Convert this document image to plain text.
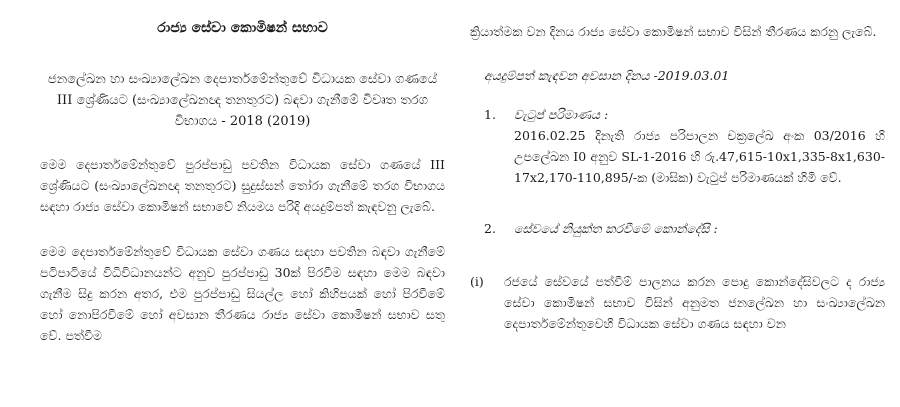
රාජ්‍ය සේවා කොමිෂන් සභාව
ජනලේඛන හා සංඛ්‍යාලේඛන දෙපාර්තමේන්තුවේ විධායක සේවා ගණයේ III ශ්‍රේණියට (සංඛ්‍යාලේඛනඥ තනතුරට) බඳවා ගැනීමේ විවෘත තරග විභාගය - 2018 (2019)

මෙම දෙපාර්තමේන්තුවේ පුරප්පාඩු පවතින විධායක සේවා ගණයේ III ශ්‍රේණියට (සංඛ්‍යාලේඛනඥ තනතුරට) සුදුස්සන් තෝරා ගැනීමේ තරග විභාගය සඳහා රාජ්‍ය සේවා කොමිෂන් සභාවේ නියමය පරිදි අයදුම්පත් කැඳවනු ලැබේ.

මෙම දෙපාර්තමේන්තුවේ විධායක සේවා ගණය සඳහා පවතින බඳවා ගැනීමේ පටිපාටියේ විධිවිධානයන්ට අනුව පුරප්පාඩු 30ක් පිරවීම සඳහා මෙම බඳවා ගැනීම සිදු කරන අතර, එම පුරප්පාඩු සියල්ල හෝ කිහිපයක් හෝ පිරවීමේ හෝ නොපිරවීමේ හෝ අවසාන තීරණය රාජ්‍ය සේවා කොමිෂන් සභාව සතු වේ. පත්වීම

ක්‍රියාත්මක වන දිනය රාජ්‍ය සේවා කොමිෂන් සභාව විසින් තීරණය කරනු ලැබේ.

අයදුම්පත් කැඳවන අවසාන දිනය -2019.03.01
1. වැටුප් පරිමාණය :
2016.02.25 දිනැති රාජ්‍ය පරිපාලන චක්‍රලේඛ අංක 03/2016 හි උපලේඛන I0 අනුව SL-1-2016 හි රු.47,615-10x1,335-8x1,630-17x2,170-110,895/-ක (මාසික) වැටුප් පරිමාණයක් හිමි වේ.
2. සේවයේ නියුක්ත කරවීමේ කොන්දේසි :
(i) රජයේ සේවයේ පත්වීම් පාලනය කරන පොදු කොන්දේසිවලට ද රාජ්‍ය සේවා කොමිෂන් සභාව විසින් අනුමත ජනලේඛන හා සංඛ්‍යාලේඛන දෙපාර්තමේන්තුවෙහි විධායක සේවා ගණය සඳහා වන
